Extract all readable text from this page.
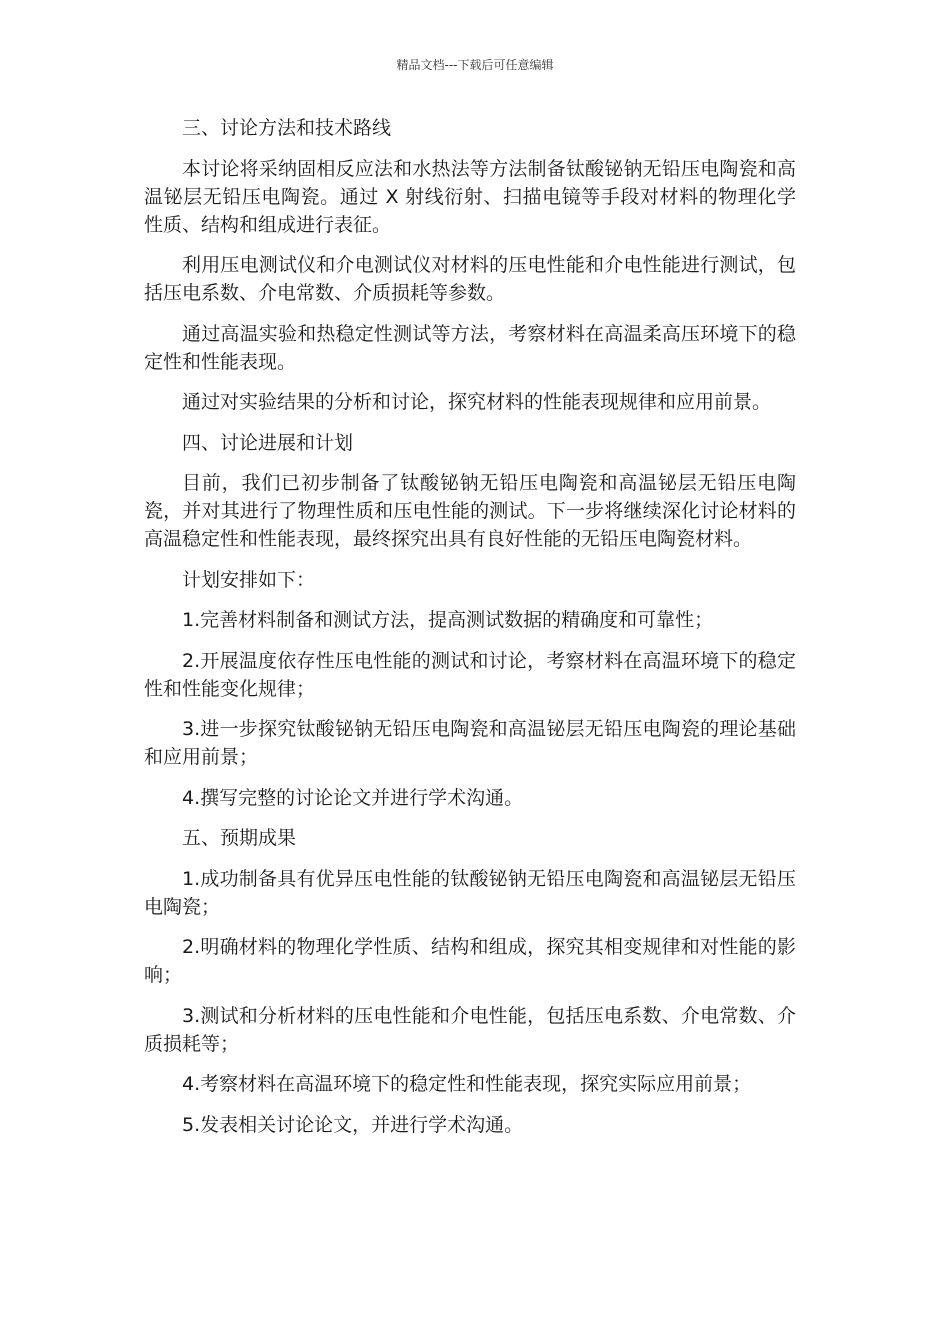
精品文档---下载后可任意编辑

三、讨论方法和技术路线

本讨论将采纳固相反应法和水热法等方法制备钛酸铋钠无铅压电陶瓷和高温铋层无铅压电陶瓷。通过 X 射线衍射、扫描电镜等手段对材料的物理化学性质、结构和组成进行表征。

利用压电测试仪和介电测试仪对材料的压电性能和介电性能进行测试，包括压电系数、介电常数、介质损耗等参数。

通过高温实验和热稳定性测试等方法，考察材料在高温柔高压环境下的稳定性和性能表现。

通过对实验结果的分析和讨论，探究材料的性能表现规律和应用前景。

四、讨论进展和计划

目前，我们已初步制备了钛酸铋钠无铅压电陶瓷和高温铋层无铅压电陶瓷，并对其进行了物理性质和压电性能的测试。下一步将继续深化讨论材料的高温稳定性和性能表现，最终探究出具有良好性能的无铅压电陶瓷材料。

计划安排如下：

1.完善材料制备和测试方法，提高测试数据的精确度和可靠性；

2.开展温度依存性压电性能的测试和讨论，考察材料在高温环境下的稳定性和性能变化规律；

3.进一步探究钛酸铋钠无铅压电陶瓷和高温铋层无铅压电陶瓷的理论基础和应用前景；

4.撰写完整的讨论论文并进行学术沟通。

五、预期成果

1.成功制备具有优异压电性能的钛酸铋钠无铅压电陶瓷和高温铋层无铅压电陶瓷；

2.明确材料的物理化学性质、结构和组成，探究其相变规律和对性能的影响；

3.测试和分析材料的压电性能和介电性能，包括压电系数、介电常数、介质损耗等；

4.考察材料在高温环境下的稳定性和性能表现，探究实际应用前景；

5.发表相关讨论论文，并进行学术沟通。
